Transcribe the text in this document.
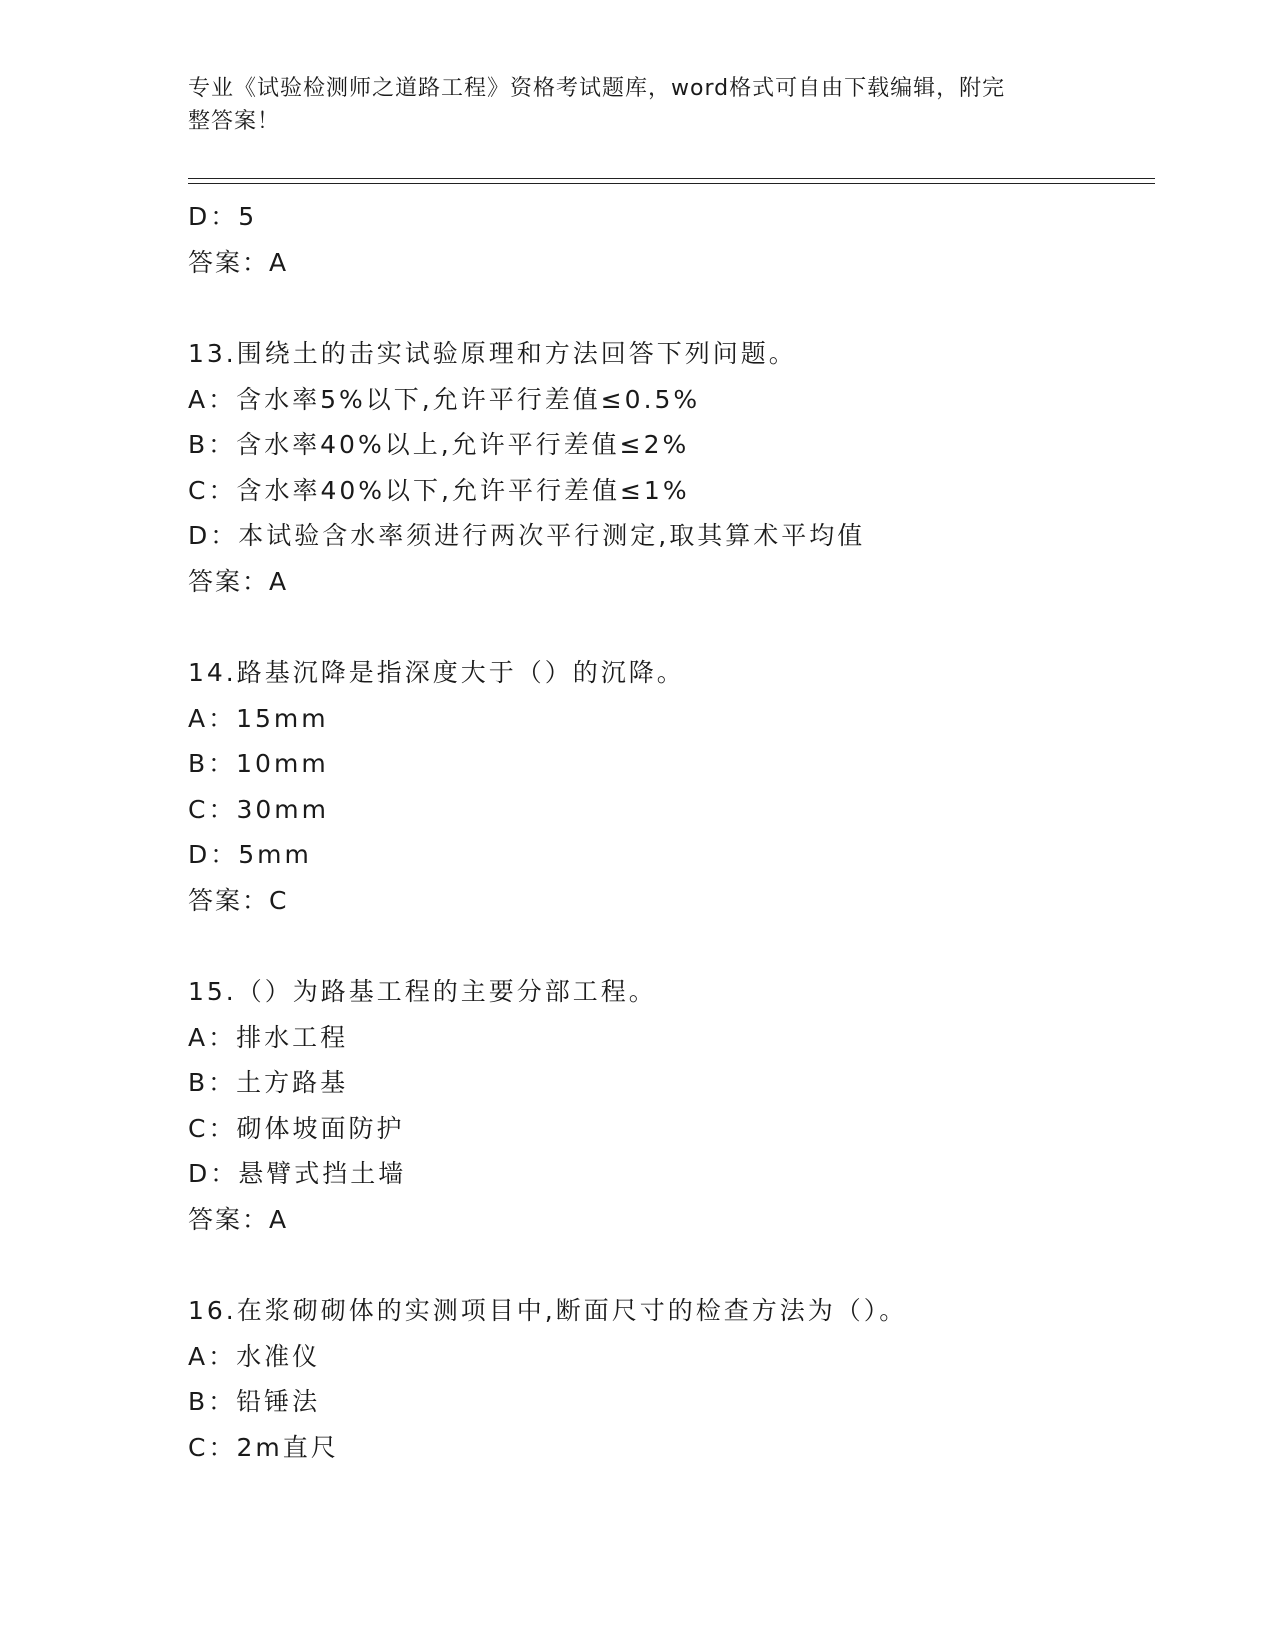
专业《试验检测师之道路工程》资格考试题库，word格式可自由下载编辑，附完
整答案！
D：5
答案：A
13.围绕土的击实试验原理和方法回答下列问题。
A：含水率5%以下,允许平行差值≤0.5%
B：含水率40%以上,允许平行差值≤2%
C：含水率40%以下,允许平行差值≤1%
D：本试验含水率须进行两次平行测定,取其算术平均值
答案：A
14.路基沉降是指深度大于（）的沉降。
A：15mm
B：10mm
C：30mm
D：5mm
答案：C
15.（）为路基工程的主要分部工程。
A：排水工程
B：土方路基
C：砌体坡面防护
D：悬臂式挡土墙
答案：A
16.在浆砌砌体的实测项目中,断面尺寸的检查方法为（）。
A：水准仪
B：铅锤法
C：2m直尺
